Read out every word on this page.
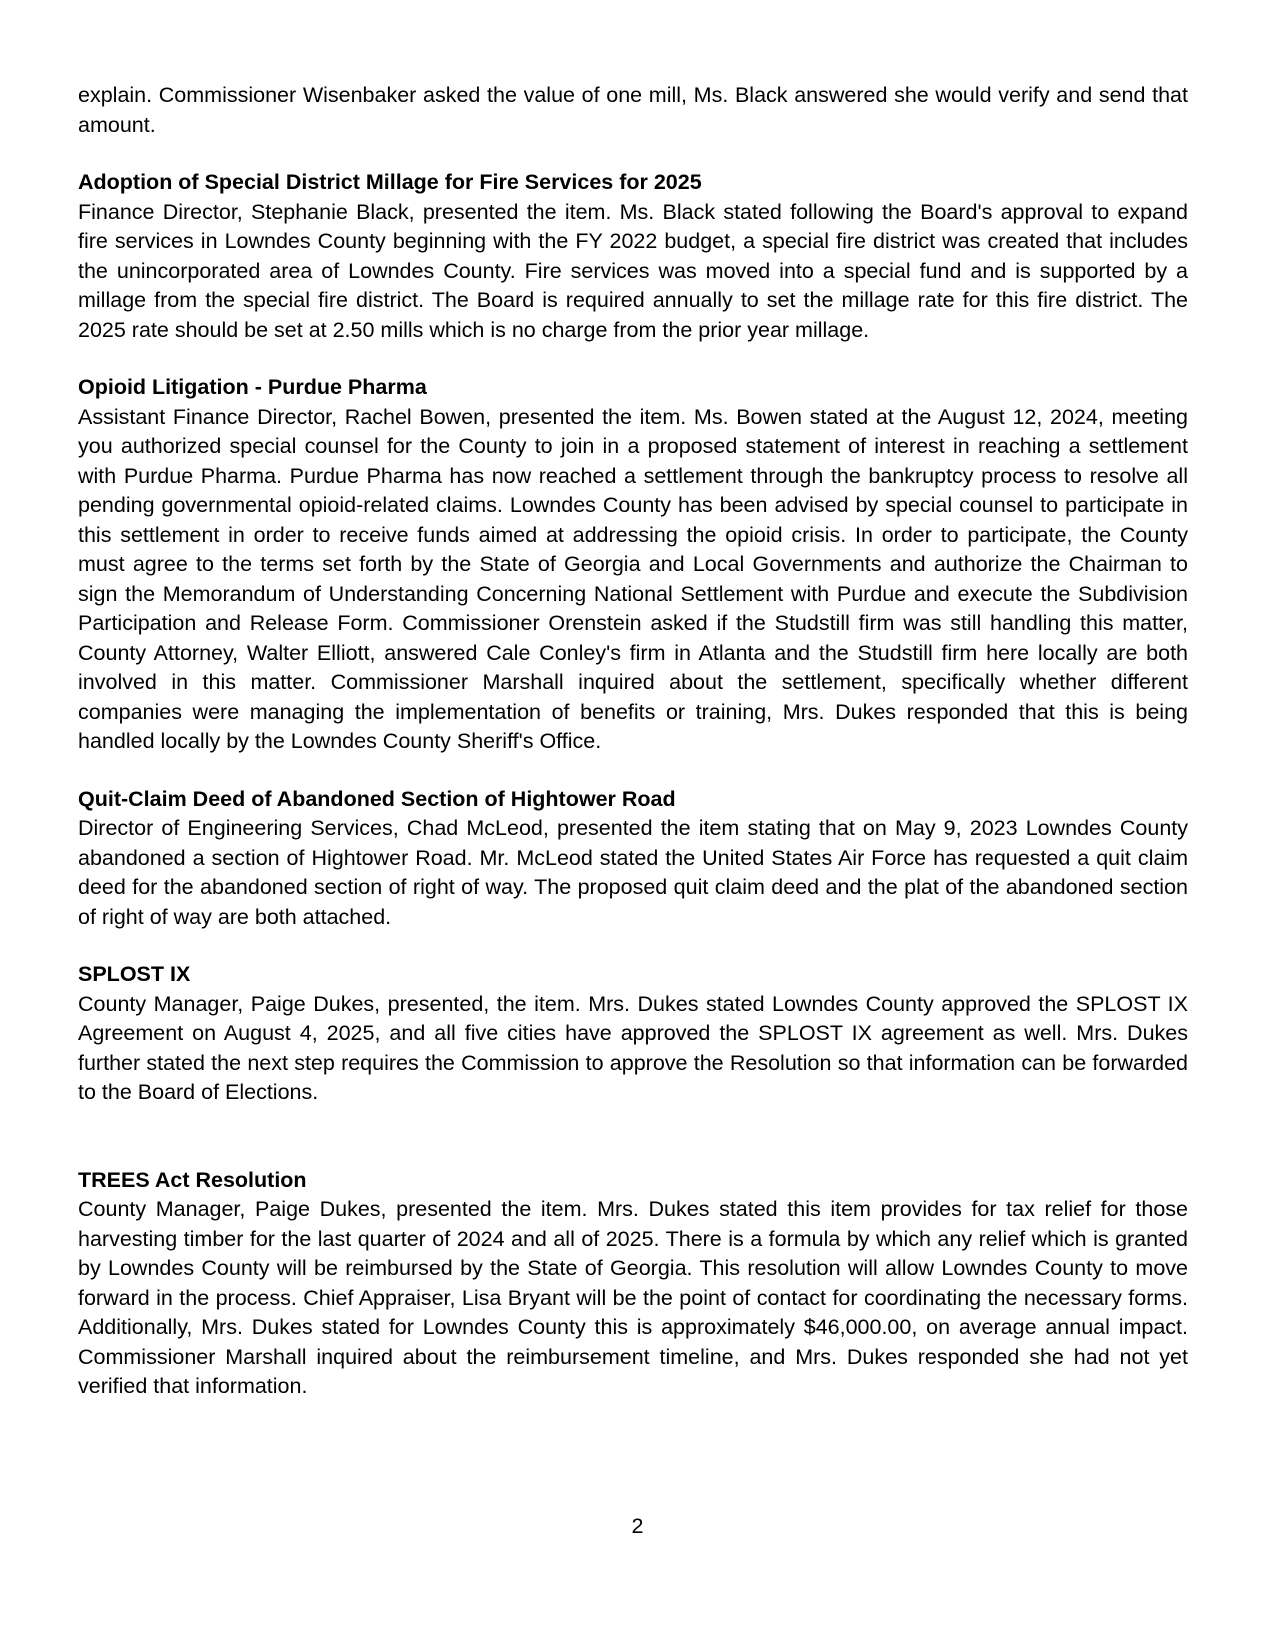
explain. Commissioner Wisenbaker asked the value of one mill, Ms. Black answered she would verify and send that amount.

Adoption of Special District Millage for Fire Services for 2025

Finance Director, Stephanie Black, presented the item. Ms. Black stated following the Board's approval to expand fire services in Lowndes County beginning with the FY 2022 budget, a special fire district was created that includes the unincorporated area of Lowndes County. Fire services was moved into a special fund and is supported by a millage from the special fire district. The Board is required annually to set the millage rate for this fire district. The 2025 rate should be set at 2.50 mills which is no charge from the prior year millage.

Opioid Litigation - Purdue Pharma

Assistant Finance Director, Rachel Bowen, presented the item. Ms. Bowen stated at the August 12, 2024, meeting you authorized special counsel for the County to join in a proposed statement of interest in reaching a settlement with Purdue Pharma. Purdue Pharma has now reached a settlement through the bankruptcy process to resolve all pending governmental opioid-related claims. Lowndes County has been advised by special counsel to participate in this settlement in order to receive funds aimed at addressing the opioid crisis. In order to participate, the County must agree to the terms set forth by the State of Georgia and Local Governments and authorize the Chairman to sign the Memorandum of Understanding Concerning National Settlement with Purdue and execute the Subdivision Participation and Release Form. Commissioner Orenstein asked if the Studstill firm was still handling this matter, County Attorney, Walter Elliott, answered Cale Conley's firm in Atlanta and the Studstill firm here locally are both involved in this matter. Commissioner Marshall inquired about the settlement, specifically whether different companies were managing the implementation of benefits or training, Mrs. Dukes responded that this is being handled locally by the Lowndes County Sheriff's Office.

Quit-Claim Deed of Abandoned Section of Hightower Road

Director of Engineering Services, Chad McLeod, presented the item stating that on May 9, 2023 Lowndes County abandoned a section of Hightower Road. Mr. McLeod stated the United States Air Force has requested a quit claim deed for the abandoned section of right of way. The proposed quit claim deed and the plat of the abandoned section of right of way are both attached.

SPLOST IX

County Manager, Paige Dukes, presented, the item. Mrs. Dukes stated Lowndes County approved the SPLOST IX Agreement on August 4, 2025, and all five cities have approved the SPLOST IX agreement as well. Mrs. Dukes further stated the next step requires the Commission to approve the Resolution so that information can be forwarded to the Board of Elections.

TREES Act Resolution

County Manager, Paige Dukes, presented the item. Mrs. Dukes stated this item provides for tax relief for those harvesting timber for the last quarter of 2024 and all of 2025. There is a formula by which any relief which is granted by Lowndes County will be reimbursed by the State of Georgia. This resolution will allow Lowndes County to move forward in the process. Chief Appraiser, Lisa Bryant will be the point of contact for coordinating the necessary forms. Additionally, Mrs. Dukes stated for Lowndes County this is approximately $46,000.00, on average annual impact. Commissioner Marshall inquired about the reimbursement timeline, and Mrs. Dukes responded she had not yet verified that information.

2
